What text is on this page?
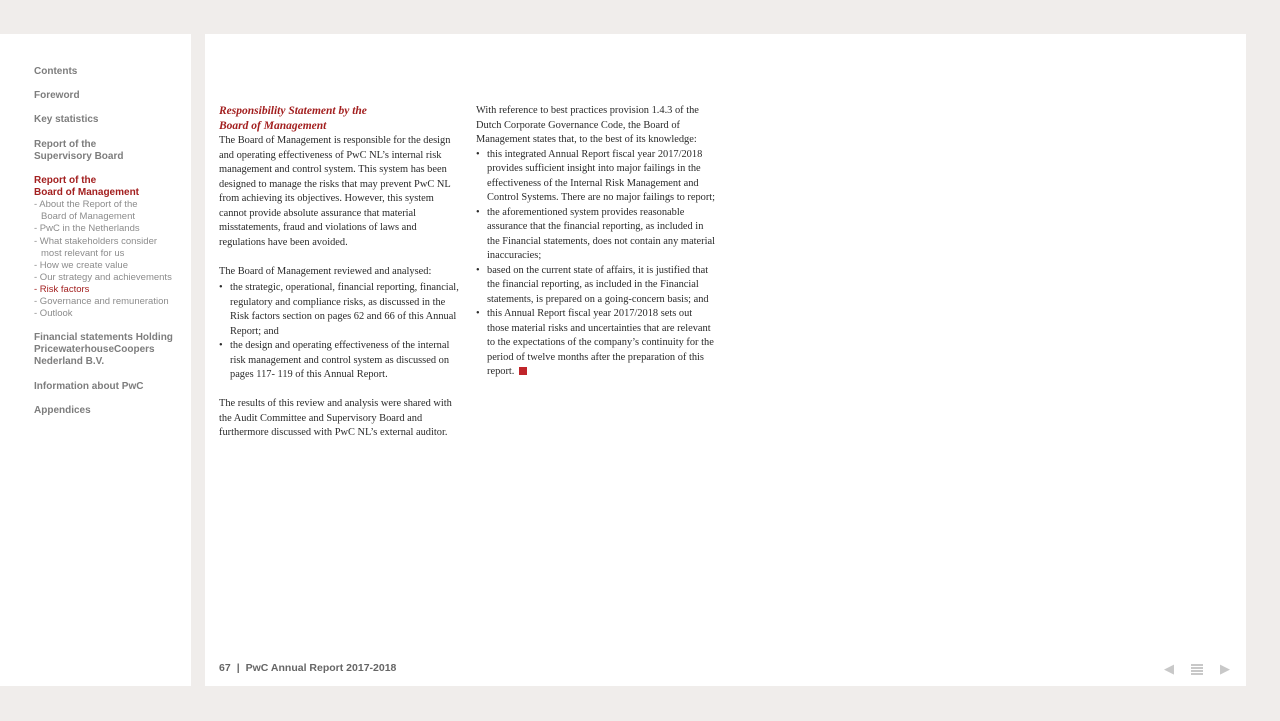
Contents
Foreword
Key statistics
Report of the
Supervisory Board
Report of the
Board of Management
- About the Report of the
Board of Management
- PwC in the Netherlands
- What stakeholders consider
most relevant for us
- How we create value
- Our strategy and achievements
- Risk factors
- Governance and remuneration
- Outlook
Financial statements Holding
PricewaterhouseCoopers
Nederland B.V.
Information about PwC
Appendices
Responsibility Statement by the Board of Management

The Board of Management is responsible for the design and operating effectiveness of PwC NL’s internal risk management and control system. This system has been designed to manage the risks that may prevent PwC NL from achieving its objectives. However, this system cannot provide absolute assurance that material misstatements, fraud and violations of laws and regulations have been avoided.

The Board of Management reviewed and analysed:

• the strategic, operational, financial reporting, financial, regulatory and compliance risks, as discussed in the Risk factors section on pages 62 and 66 of this Annual Report; and
• the design and operating effectiveness of the internal risk management and control system as discussed on pages 117- 119 of this Annual Report.

The results of this review and analysis were shared with the Audit Committee and Supervisory Board and furthermore discussed with PwC NL’s external auditor.

With reference to best practices provision 1.4.3 of the Dutch Corporate Governance Code, the Board of Management states that, to the best of its knowledge:

• this integrated Annual Report fiscal year 2017/2018 provides sufficient insight into major failings in the effectiveness of the Internal Risk Management and Control Systems. There are no major failings to report;
• the aforementioned system provides reasonable assurance that the financial reporting, as included in the Financial statements, does not contain any material inaccuracies;
• based on the current state of affairs, it is justified that the financial reporting, as included in the Financial statements, is prepared on a going-concern basis; and
• this Annual Report fiscal year 2017/2018 sets out those material risks and uncertainties that are relevant to the expectations of the company’s continuity for the period of twelve months after the preparation of this report.
67 | PwC Annual Report 2017-2018	◀	▶
